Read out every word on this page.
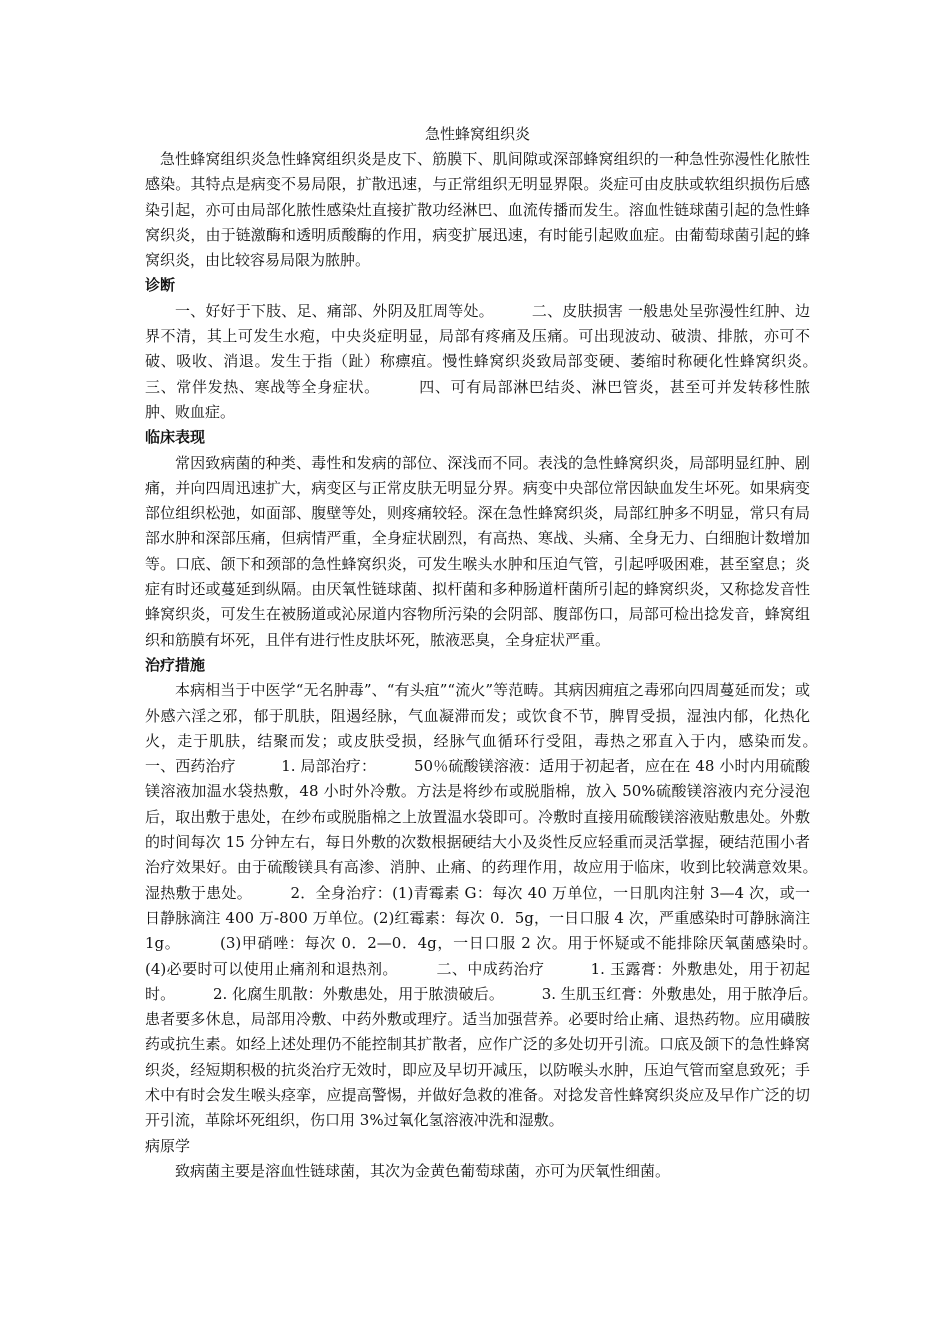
急性蜂窝组织炎

急性蜂窝组织炎急性蜂窝组织炎是皮下、筋膜下、肌间隙或深部蜂窝组织的一种急性弥漫性化脓性感染。其特点是病变不易局限，扩散迅速，与正常组织无明显界限。炎症可由皮肤或软组织损伤后感染引起，亦可由局部化脓性感染灶直接扩散功经淋巴、血流传播而发生。溶血性链球菌引起的急性蜂窝织炎，由于链激酶和透明质酸酶的作用，病变扩展迅速，有时能引起败血症。由葡萄球菌引起的蜂窝织炎，由比较容易局限为脓肿。

诊断

一、好好于下肢、足、痛部、外阴及肛周等处。　　　二、皮肤损害 一般患处呈弥漫性红肿、边界不清，其上可发生水疱，中央炎症明显，局部有疼痛及压痛。可出现波动、破溃、排脓，亦可不破、吸收、消退。发生于指（趾）称瘭疽。慢性蜂窝织炎致局部变硬、萎缩时称硬化性蜂窝织炎。　　　三、常伴发热、寒战等全身症状。　　　四、可有局部淋巴结炎、淋巴管炎，甚至可并发转移性脓肿、败血症。

临床表现

常因致病菌的种类、毒性和发病的部位、深浅而不同。表浅的急性蜂窝织炎，局部明显红肿、剧痛，并向四周迅速扩大，病变区与正常皮肤无明显分界。病变中央部位常因缺血发生坏死。如果病变部位组织松弛，如面部、腹壁等处，则疼痛较轻。深在急性蜂窝织炎，局部红肿多不明显，常只有局部水肿和深部压痛，但病情严重，全身症状剧烈，有高热、寒战、头痛、全身无力、白细胞计数增加等。口底、颌下和颈部的急性蜂窝织炎，可发生喉头水肿和压迫气管，引起呼吸困难，甚至窒息；炎症有时还或蔓延到纵隔。由厌氧性链球菌、拟杆菌和多种肠道杆菌所引起的蜂窝织炎，又称捻发音性蜂窝织炎，可发生在被肠道或沁尿道内容物所污染的会阴部、腹部伤口，局部可检出捻发音，蜂窝组织和筋膜有坏死，且伴有进行性皮肤坏死，脓液恶臭，全身症状严重。

治疗措施

本病相当于中医学“无名肿毒”、“有头疽”“流火”等范畴。其病因痈疽之毒邪向四周蔓延而发；或外感六淫之邪，郁于肌肤，阻遏经脉，气血凝滞而发；或饮食不节，脾胃受损，湿浊内郁，化热化火，走于肌肤，结聚而发；或皮肤受损，经脉气血循环行受阻，毒热之邪直入于内，感染而发。　　　一、西药治疗　　　1. 局部治疗：　　　50％硫酸镁溶液：适用于初起者，应在在 48 小时内用硫酸镁溶液加温水袋热敷，48 小时外冷敷。方法是将纱布或脱脂棉，放入 50%硫酸镁溶液内充分浸泡后，取出敷于患处，在纱布或脱脂棉之上放置温水袋即可。冷敷时直接用硫酸镁溶液贴敷患处。外敷的时间每次 15 分钟左右，每日外敷的次数根据硬结大小及炎性反应轻重而灵活掌握，硬结范围小者治疗效果好。由于硫酸镁具有高渗、消肿、止痛、的药理作用，故应用于临床，收到比较满意效果。　　　湿热敷于患处。　　　2．全身治疗：(1)青霉素 G：每次 40 万单位，一日肌肉注射 3—4 次，或一日静脉滴注 400 万-800 万单位。(2)红霉素：每次 0．5g，一日口服 4 次，严重感染时可静脉滴注 1g。　　　(3)甲硝唑：每次 0．2—0．4g，一日口服 2 次。用于怀疑或不能排除厌氧菌感染时。　　　(4)必要时可以使用止痛剂和退热剂。　　　二、中成药治疗　　　1. 玉露膏：外敷患处，用于初起时。　　　2. 化腐生肌散：外敷患处，用于脓溃破后。　　　3. 生肌玉红膏：外敷患处，用于脓净后。　　　患者要多休息，局部用冷敷、中药外敷或理疗。适当加强营养。必要时给止痛、退热药物。应用磺胺药或抗生素。如经上述处理仍不能控制其扩散者，应作广泛的多处切开引流。口底及颌下的急性蜂窝织炎，经短期积极的抗炎治疗无效时，即应及早切开减压，以防喉头水肿，压迫气管而窒息致死；手术中有时会发生喉头痉挛，应提高警惕，并做好急救的准备。对捻发音性蜂窝织炎应及早作广泛的切开引流，革除坏死组织，伤口用 3%过氧化氢溶液冲洗和湿敷。

病原学

致病菌主要是溶血性链球菌，其次为金黄色葡萄球菌，亦可为厌氧性细菌。
